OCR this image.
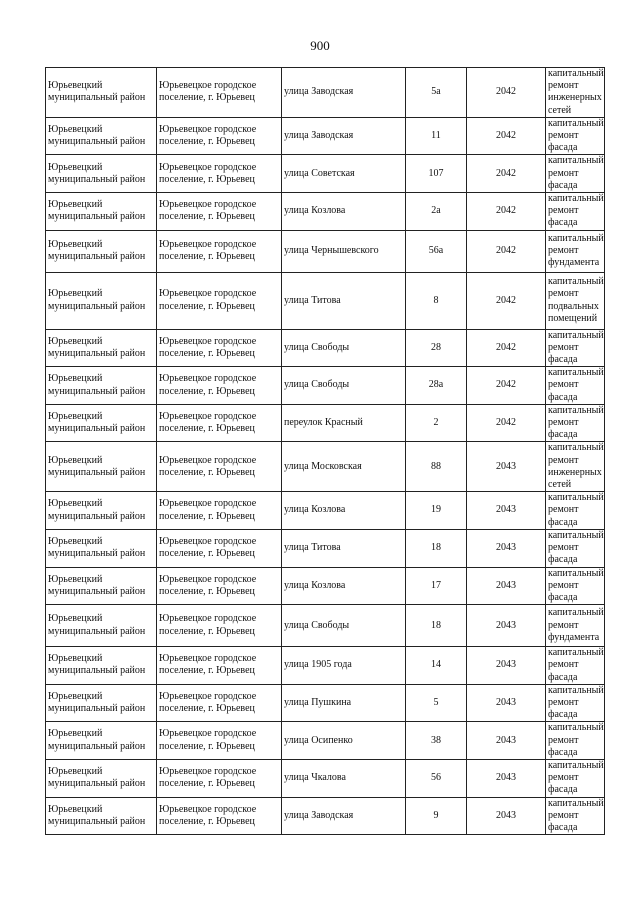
900
Юрьевецкий муниципальный район	Юрьевецкое городское поселение, г. Юрьевец	улица Заводская	5а	2042	капитальный ремонт инженерных сетей
Юрьевецкий муниципальный район	Юрьевецкое городское поселение, г. Юрьевец	улица Заводская	11	2042	капитальный ремонт фасада
Юрьевецкий муниципальный район	Юрьевецкое городское поселение, г. Юрьевец	улица Советская	107	2042	капитальный ремонт фасада
Юрьевецкий муниципальный район	Юрьевецкое городское поселение, г. Юрьевец	улица Козлова	2а	2042	капитальный ремонт фасада
Юрьевецкий муниципальный район	Юрьевецкое городское поселение, г. Юрьевец	улица Чернышевского	56а	2042	капитальный ремонт фундамента
Юрьевецкий муниципальный район	Юрьевецкое городское поселение, г. Юрьевец	улица Титова	8	2042	капитальный ремонт подвальных помещений
Юрьевецкий муниципальный район	Юрьевецкое городское поселение, г. Юрьевец	улица Свободы	28	2042	капитальный ремонт фасада
Юрьевецкий муниципальный район	Юрьевецкое городское поселение, г. Юрьевец	улица Свободы	28а	2042	капитальный ремонт фасада
Юрьевецкий муниципальный район	Юрьевецкое городское поселение, г. Юрьевец	переулок Красный	2	2042	капитальный ремонт фасада
Юрьевецкий муниципальный район	Юрьевецкое городское поселение, г. Юрьевец	улица Московская	88	2043	капитальный ремонт инженерных сетей
Юрьевецкий муниципальный район	Юрьевецкое городское поселение, г. Юрьевец	улица Козлова	19	2043	капитальный ремонт фасада
Юрьевецкий муниципальный район	Юрьевецкое городское поселение, г. Юрьевец	улица Титова	18	2043	капитальный ремонт фасада
Юрьевецкий муниципальный район	Юрьевецкое городское поселение, г. Юрьевец	улица Козлова	17	2043	капитальный ремонт фасада
Юрьевецкий муниципальный район	Юрьевецкое городское поселение, г. Юрьевец	улица Свободы	18	2043	капитальный ремонт фундамента
Юрьевецкий муниципальный район	Юрьевецкое городское поселение, г. Юрьевец	улица 1905 года	14	2043	капитальный ремонт фасада
Юрьевецкий муниципальный район	Юрьевецкое городское поселение, г. Юрьевец	улица Пушкина	5	2043	капитальный ремонт фасада
Юрьевецкий муниципальный район	Юрьевецкое городское поселение, г. Юрьевец	улица Осипенко	38	2043	капитальный ремонт фасада
Юрьевецкий муниципальный район	Юрьевецкое городское поселение, г. Юрьевец	улица Чкалова	56	2043	капитальный ремонт фасада
Юрьевецкий муниципальный район	Юрьевецкое городское поселение, г. Юрьевец	улица Заводская	9	2043	капитальный ремонт фасада
